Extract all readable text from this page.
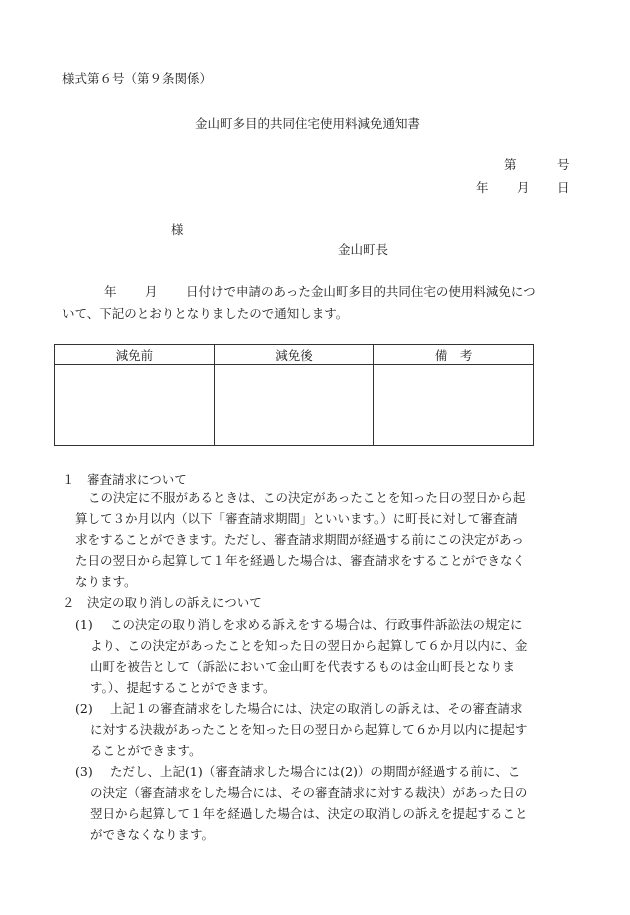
様式第６号（第９条関係）
金山町多目的共同住宅使用料減免通知書
第	号
年 月 日
様
金山町長
年 月 日付けで申請のあった金山町多目的共同住宅の使用料減免につ
いて、下記のとおりとなりましたので通知します。
減免前	減免後	備　考

１　審査請求について
この決定に不服があるときは、この決定があったことを知った日の翌日から起
算して３か月以内（以下「審査請求期間」といいます。）に町長に対して審査請
求をすることができます。ただし、審査請求期間が経過する前にこの決定があっ
た日の翌日から起算して１年を経過した場合は、審査請求をすることができなく
なります。
２　決定の取り消しの訴えについて
(1) この決定の取り消しを求める訴えをする場合は、行政事件訴訟法の規定に
より、この決定があったことを知った日の翌日から起算して６か月以内に、金
山町を被告として（訴訟において金山町を代表するものは金山町長となりま
す。）、提起することができます。
(2) 上記１の審査請求をした場合には、決定の取消しの訴えは、その審査請求
に対する決裁があったことを知った日の翌日から起算して６か月以内に提起す
ることができます。
(3) ただし、上記(1)（審査請求した場合には(2)）の期間が経過する前に、こ
の決定（審査請求をした場合には、その審査請求に対する裁決）があった日の
翌日から起算して１年を経過した場合は、決定の取消しの訴えを提起すること
ができなくなります。
